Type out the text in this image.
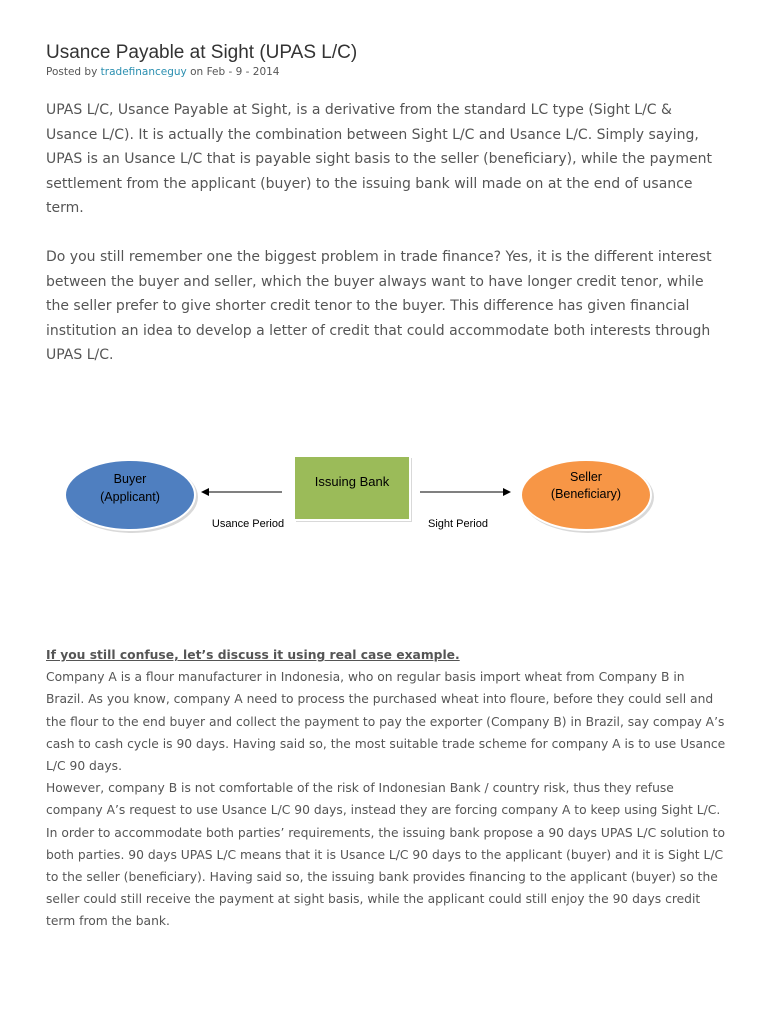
Usance Payable at Sight (UPAS L/C)
Posted by tradefinanceguy on Feb - 9 - 2014

UPAS L/C, Usance Payable at Sight, is a derivative from the standard LC type (Sight L/C & Usance L/C). It is actually the combination between Sight L/C and Usance L/C. Simply saying, UPAS is an Usance L/C that is payable sight basis to the seller (beneficiary), while the payment settlement from the applicant (buyer) to the issuing bank will made on at the end of usance term.

Do you still remember one the biggest problem in trade finance? Yes, it is the different interest between the buyer and seller, which the buyer always want to have longer credit tenor, while the seller prefer to give shorter credit tenor to the buyer. This difference has given financial institution an idea to develop a letter of credit that could accommodate both interests through UPAS L/C.

Buyer
(Applicant)
Issuing Bank	Seller
(Beneficiary)
Usance Period	Sight Period

If you still confuse, let’s discuss it using real case example.

Company A is a flour manufacturer in Indonesia, who on regular basis import wheat from Company B in Brazil. As you know, company A need to process the purchased wheat into floure, before they could sell and the flour to the end buyer and collect the payment to pay the exporter (Company B) in Brazil, say compay A’s cash to cash cycle is 90 days. Having said so, the most suitable trade scheme for company A is to use Usance L/C 90 days.

However, company B is not comfortable of the risk of Indonesian Bank / country risk, thus they refuse company A’s request to use Usance L/C 90 days, instead they are forcing company A to keep using Sight L/C.

In order to accommodate both parties’ requirements, the issuing bank propose a 90 days UPAS L/C solution to both parties. 90 days UPAS L/C means that it is Usance L/C 90 days to the applicant (buyer) and it is Sight L/C to the seller (beneficiary). Having said so, the issuing bank provides financing to the applicant (buyer) so the seller could still receive the payment at sight basis, while the applicant could still enjoy the 90 days credit term from the bank.
